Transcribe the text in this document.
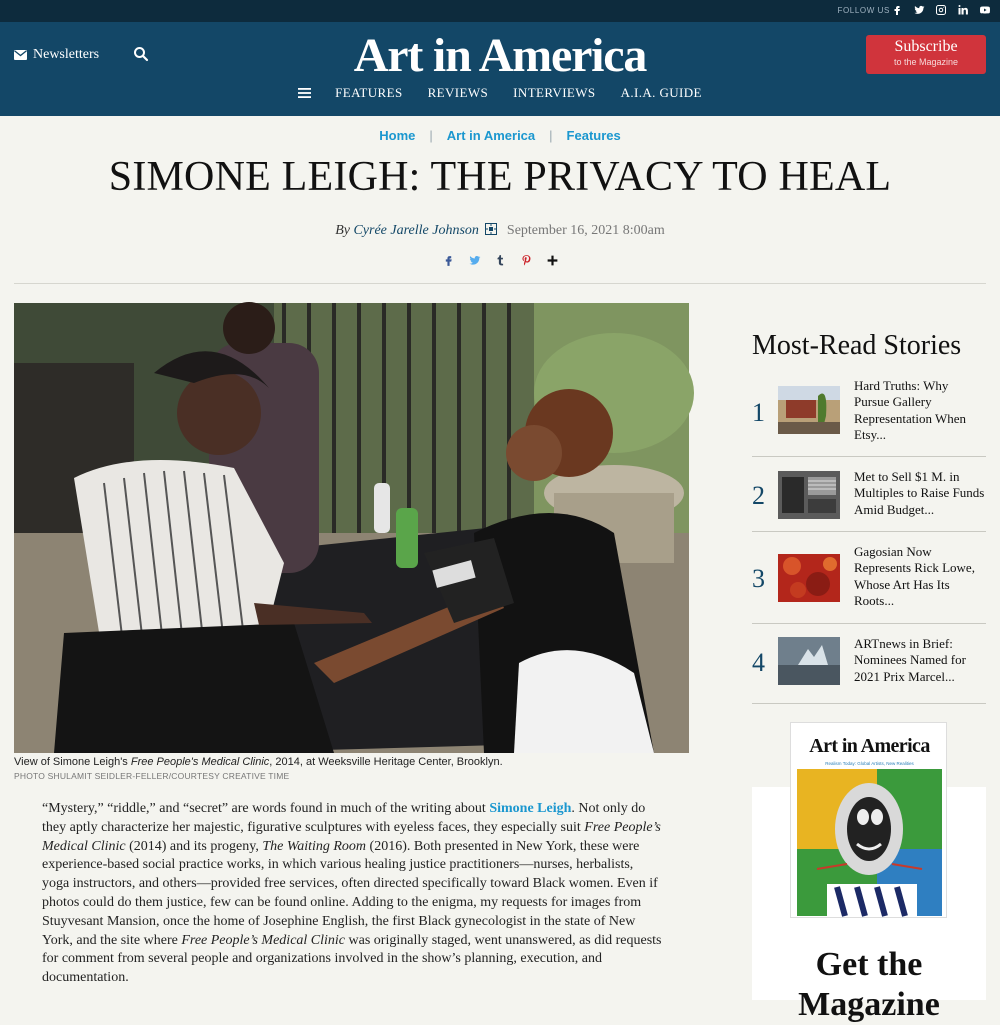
FOLLOW US
Newsletters	Art in America	Subscribe
to the Magazine
FEATURES REVIEWS INTERVIEWS A.I.A. GUIDE
Home | Art in America | Features
SIMONE LEIGH: THE PRIVACY TO HEAL
By Cyrée Jarelle Johnson September 16, 2021 8:00am
View of Simone Leigh's Free People's Medical Clinic, 2014, at Weeksville Heritage Center, Brooklyn.
PHOTO SHULAMIT SEIDLER-FELLER/COURTESY CREATIVE TIME
“Mystery,” “riddle,” and “secret” are words found in much of the writing about Simone Leigh. Not only do they aptly characterize her majestic, figurative sculptures with eyeless faces, they especially suit Free People’s Medical Clinic (2014) and its progeny, The Waiting Room (2016). Both presented in New York, these were experience-based social practice works, in which various healing justice practitioners—nurses, herbalists, yoga instructors, and others—provided free services, often directed specifically toward Black women. Even if photos could do them justice, few can be found online. Adding to the enigma, my requests for images from Stuyvesant Mansion, once the home of Josephine English, the first Black gynecologist in the state of New York, and the site where Free People’s Medical Clinic was originally staged, went unanswered, as did requests for comment from several people and organizations involved in the show’s planning, execution, and documentation.
Most-Read Stories
1
Hard Truths: Why Pursue Gallery Representation When Etsy...
2
Met to Sell $1 M. in Multiples to Raise Funds Amid Budget...
3
Gagosian Now Represents Rick Lowe, Whose Art Has Its Roots...
4
ARTnews in Brief: Nominees Named for 2021 Prix Marcel...
Art in America
Realism Today: Global Artists, New Realities
Get the Magazine
